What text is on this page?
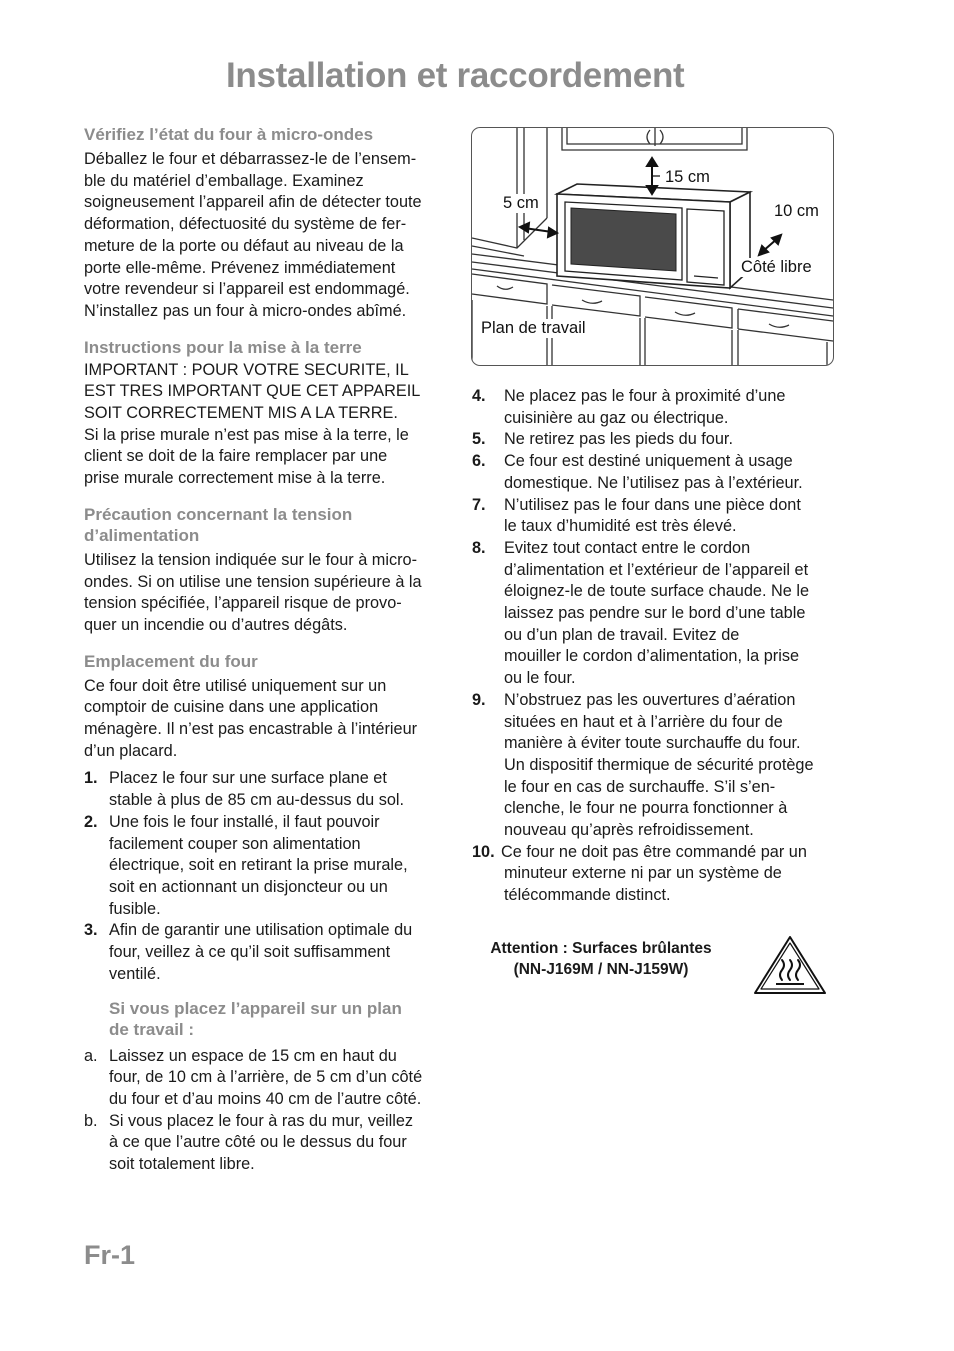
Installation et raccordement
Vérifiez l’état du four à micro-ondes
Déballez le four et débarrassez-le de l’ensem-
ble du matériel d’emballage. Examinez
soigneusement l’appareil afin de détecter toute
déformation, défectuosité du système de fer-
meture de la porte ou défaut au niveau de la
porte elle-même. Prévenez immédiatement
votre revendeur si l’appareil est endommagé.
N’installez pas un four à micro-ondes abîmé.
Instructions pour la mise à la terre
IMPORTANT : POUR VOTRE SECURITE, IL
EST TRES IMPORTANT QUE CET APPAREIL
SOIT CORRECTEMENT MIS A LA TERRE.
Si la prise murale n’est pas mise à la terre, le
client se doit de la faire remplacer par une
prise murale correctement mise à la terre.
Précaution concernant la tension
d’alimentation
Utilisez la tension indiquée sur le four à micro-
ondes. Si on utilise une tension supérieure à la
tension spécifiée, l’appareil risque de provo-
quer un incendie ou d’autres dégâts.
Emplacement du four
Ce four doit être utilisé uniquement sur un
comptoir de cuisine dans une application
ménagère. Il n’est pas encastrable à l’intérieur
d’un placard.
1. Placez le four sur une surface plane et
stable à plus de 85 cm au-dessus du sol.
2. Une fois le four installé, il faut pouvoir
facilement couper son alimentation
électrique, soit en retirant la prise murale,
soit en actionnant un disjoncteur ou un
fusible.
3. Afin de garantir une utilisation optimale du
four, veillez à ce qu’il soit suffisamment
ventilé.
Si vous placez l’appareil sur un plan
de travail :
a. Laissez un espace de 15 cm en haut du
four, de 10 cm à l’arrière, de 5 cm d’un côté
du four et d’au moins 40 cm de l’autre côté.
b. Si vous placez le four à ras du mur, veillez
à ce que l’autre côté ou le dessus du four
soit totalement libre.
15 cm
5 cm	10 cm
Côté libre
Plan de travail
4. Ne placez pas le four à proximité d’une
cuisinière au gaz ou électrique.
5. Ne retirez pas les pieds du four.
6. Ce four est destiné uniquement à usage
domestique. Ne l’utilisez pas à l’extérieur.
7. N’utilisez pas le four dans une pièce dont
le taux d’humidité est très élevé.
8. Evitez tout contact entre le cordon
d’alimentation et l’extérieur de l’appareil et
éloignez-le de toute surface chaude. Ne le
laissez pas pendre sur le bord d’une table
ou d’un plan de travail. Evitez de
mouiller le cordon d’alimentation, la prise
ou le four.
9. N’obstruez pas les ouvertures d’aération
situées en haut et à l’arrière du four de
manière à éviter toute surchauffe du four.
Un dispositif thermique de sécurité protège
le four en cas de surchauffe. S’il s’en-
clenche, le four ne pourra fonctionner à
nouveau qu’après refroidissement.
10. Ce four ne doit pas être commandé par un
minuteur externe ni par un système de
télécommande distinct.
Attention : Surfaces brûlantes
(NN-J169M / NN-J159W)
Fr-1
